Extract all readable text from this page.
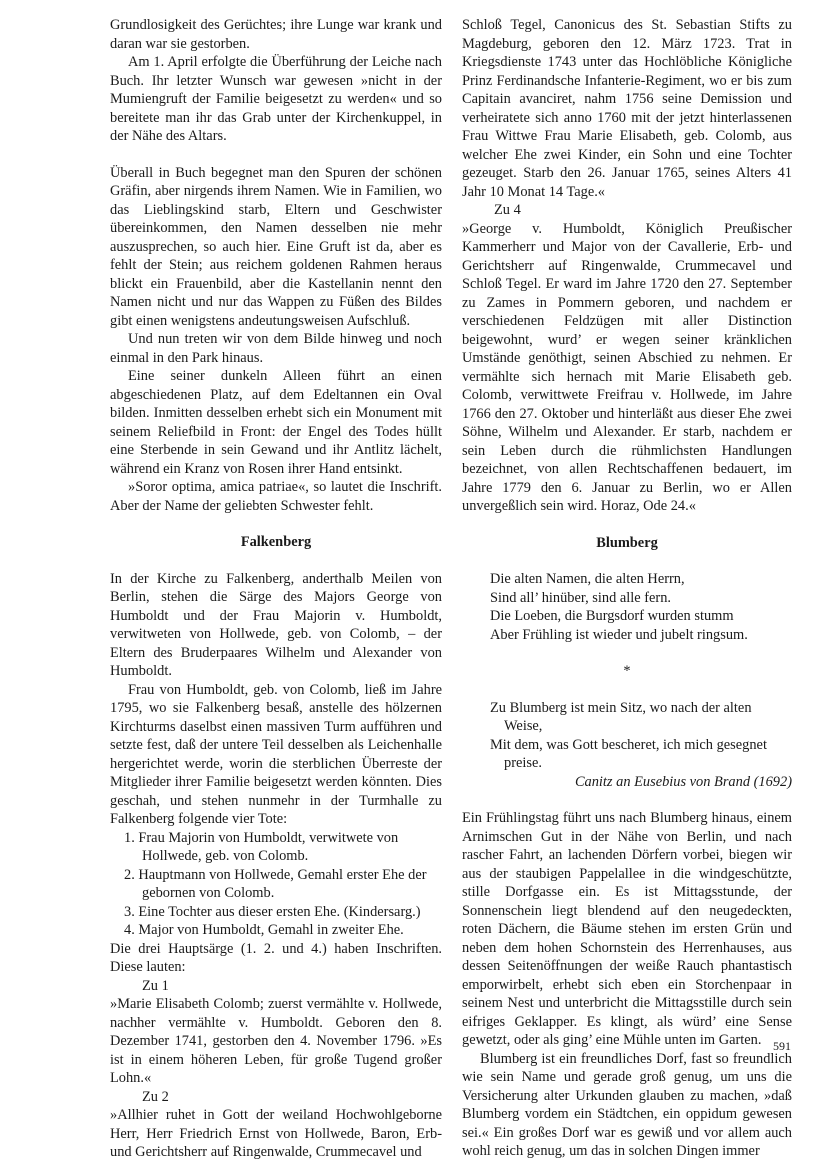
Grundlosigkeit des Gerüchtes; ihre Lunge war krank und daran war sie gestorben.

Am 1. April erfolgte die Überführung der Leiche nach Buch. Ihr letzter Wunsch war gewesen »nicht in der Mumiengruft der Familie beigesetzt zu werden« und so bereitete man ihr das Grab unter der Kirchenkuppel, in der Nähe des Altars.

Überall in Buch begegnet man den Spuren der schönen Gräfin, aber nirgends ihrem Namen. Wie in Familien, wo das Lieblingskind starb, Eltern und Geschwister übereinkommen, den Namen desselben nie mehr auszusprechen, so auch hier. Eine Gruft ist da, aber es fehlt der Stein; aus reichem goldenen Rahmen heraus blickt ein Frauenbild, aber die Kastellanin nennt den Namen nicht und nur das Wappen zu Füßen des Bildes gibt einen wenigstens andeutungsweisen Aufschluß.

Und nun treten wir von dem Bilde hinweg und noch einmal in den Park hinaus.

Eine seiner dunkeln Alleen führt an einen abgeschiedenen Platz, auf dem Edeltannen ein Oval bilden. Inmitten desselben erhebt sich ein Monument mit seinem Reliefbild in Front: der Engel des Todes hüllt eine Sterbende in sein Gewand und ihr Antlitz lächelt, während ein Kranz von Rosen ihrer Hand entsinkt.

»Soror optima, amica patriae«, so lautet die Inschrift. Aber der Name der geliebten Schwester fehlt.

Falkenberg

In der Kirche zu Falkenberg, anderthalb Meilen von Berlin, stehen die Särge des Majors George von Humboldt und der Frau Majorin v. Humboldt, verwitweten von Hollwede, geb. von Colomb, – der Eltern des Bruderpaares Wilhelm und Alexander von Humboldt.

Frau von Humboldt, geb. von Colomb, ließ im Jahre 1795, wo sie Falkenberg besaß, anstelle des hölzernen Kirchturms daselbst einen massiven Turm aufführen und setzte fest, daß der untere Teil desselben als Leichenhalle hergerichtet werde, worin die sterblichen Überreste der Mitglieder ihrer Familie beigesetzt werden könnten. Dies geschah, und stehen nunmehr in der Turmhalle zu Falkenberg folgende vier Tote:

1. Frau Majorin von Humboldt, verwitwete von Hollwede, geb. von Colomb.
2. Hauptmann von Hollwede, Gemahl erster Ehe der gebornen von Colomb.
3. Eine Tochter aus dieser ersten Ehe. (Kindersarg.)
4. Major von Humboldt, Gemahl in zweiter Ehe.

Die drei Hauptsärge (1. 2. und 4.) haben Inschriften. Diese lauten:

Zu 1

»Marie Elisabeth Colomb; zuerst vermählte v. Hollwede, nachher vermählte v. Humboldt. Geboren den 8. Dezember 1741, gestorben den 4. November 1796. »Es ist in einem höheren Leben, für große Tugend großer Lohn.«

Zu 2

»Allhier ruhet in Gott der weiland Hochwohlgeborne Herr, Herr Friedrich Ernst von Hollwede, Baron, Erb- und Gerichtsherr auf Ringenwalde, Crummecavel und

Schloß Tegel, Canonicus des St. Sebastian Stifts zu Magdeburg, geboren den 12. März 1723. Trat in Kriegsdienste 1743 unter das Hochlöbliche Königliche Prinz Ferdinandsche Infanterie-Regiment, wo er bis zum Capitain avanciret, nahm 1756 seine Demission und verheiratete sich anno 1760 mit der jetzt hinterlassenen Frau Wittwe Frau Marie Elisabeth, geb. Colomb, aus welcher Ehe zwei Kinder, ein Sohn und eine Tochter gezeuget. Starb den 26. Januar 1765, seines Alters 41 Jahr 10 Monat 14 Tage.«

Zu 4

»George v. Humboldt, Königlich Preußischer Kammerherr und Major von der Cavallerie, Erb- und Gerichtsherr auf Ringenwalde, Crummecavel und Schloß Tegel. Er ward im Jahre 1720 den 27. September zu Zames in Pommern geboren, und nachdem er verschiedenen Feldzügen mit aller Distinction beigewohnt, wurd’ er wegen seiner kränklichen Umstände genöthigt, seinen Abschied zu nehmen. Er vermählte sich hernach mit Marie Elisabeth geb. Colomb, verwittwete Freifrau v. Hollwede, im Jahre 1766 den 27. Oktober und hinterläßt aus dieser Ehe zwei Söhne, Wilhelm und Alexander. Er starb, nachdem er sein Leben durch die rühmlichsten Handlungen bezeichnet, von allen Rechtschaffenen bedauert, im Jahre 1779 den 6. Januar zu Berlin, wo er Allen unvergeßlich sein wird. Horaz, Ode 24.«

Blumberg

Die alten Namen, die alten Herrn,

Sind all’ hinüber, sind alle fern.

Die Loeben, die Burgsdorf wurden stumm

Aber Frühling ist wieder und jubelt ringsum.

*

Zu Blumberg ist mein Sitz, wo nach der alten

Weise,

Mit dem, was Gott bescheret, ich mich gesegnet

preise.

Canitz an Eusebius von Brand (1692)

Ein Frühlingstag führt uns nach Blumberg hinaus, einem Arnimschen Gut in der Nähe von Berlin, und nach rascher Fahrt, an lachenden Dörfern vorbei, biegen wir aus der staubigen Pappelallee in die windgeschützte, stille Dorfgasse ein. Es ist Mittagsstunde, der Sonnenschein liegt blendend auf den neugedeckten, roten Dächern, die Bäume stehen im ersten Grün und neben dem hohen Schornstein des Herrenhauses, aus dessen Seitenöffnungen der weiße Rauch phantastisch emporwirbelt, erhebt sich eben ein Storchenpaar in seinem Nest und unterbricht die Mittagsstille durch sein eifriges Geklapper. Es klingt, als würd’ eine Sense gewetzt, oder als ging’ eine Mühle unten im Garten.

Blumberg ist ein freundliches Dorf, fast so freundlich wie sein Name und gerade groß genug, um uns die Versicherung alter Urkunden glauben zu machen, »daß Blumberg vordem ein Städtchen, ein oppidum gewesen sei.« Ein großes Dorf war es gewiß und vor allem auch wohl reich genug, um das in solchen Dingen immer

591
